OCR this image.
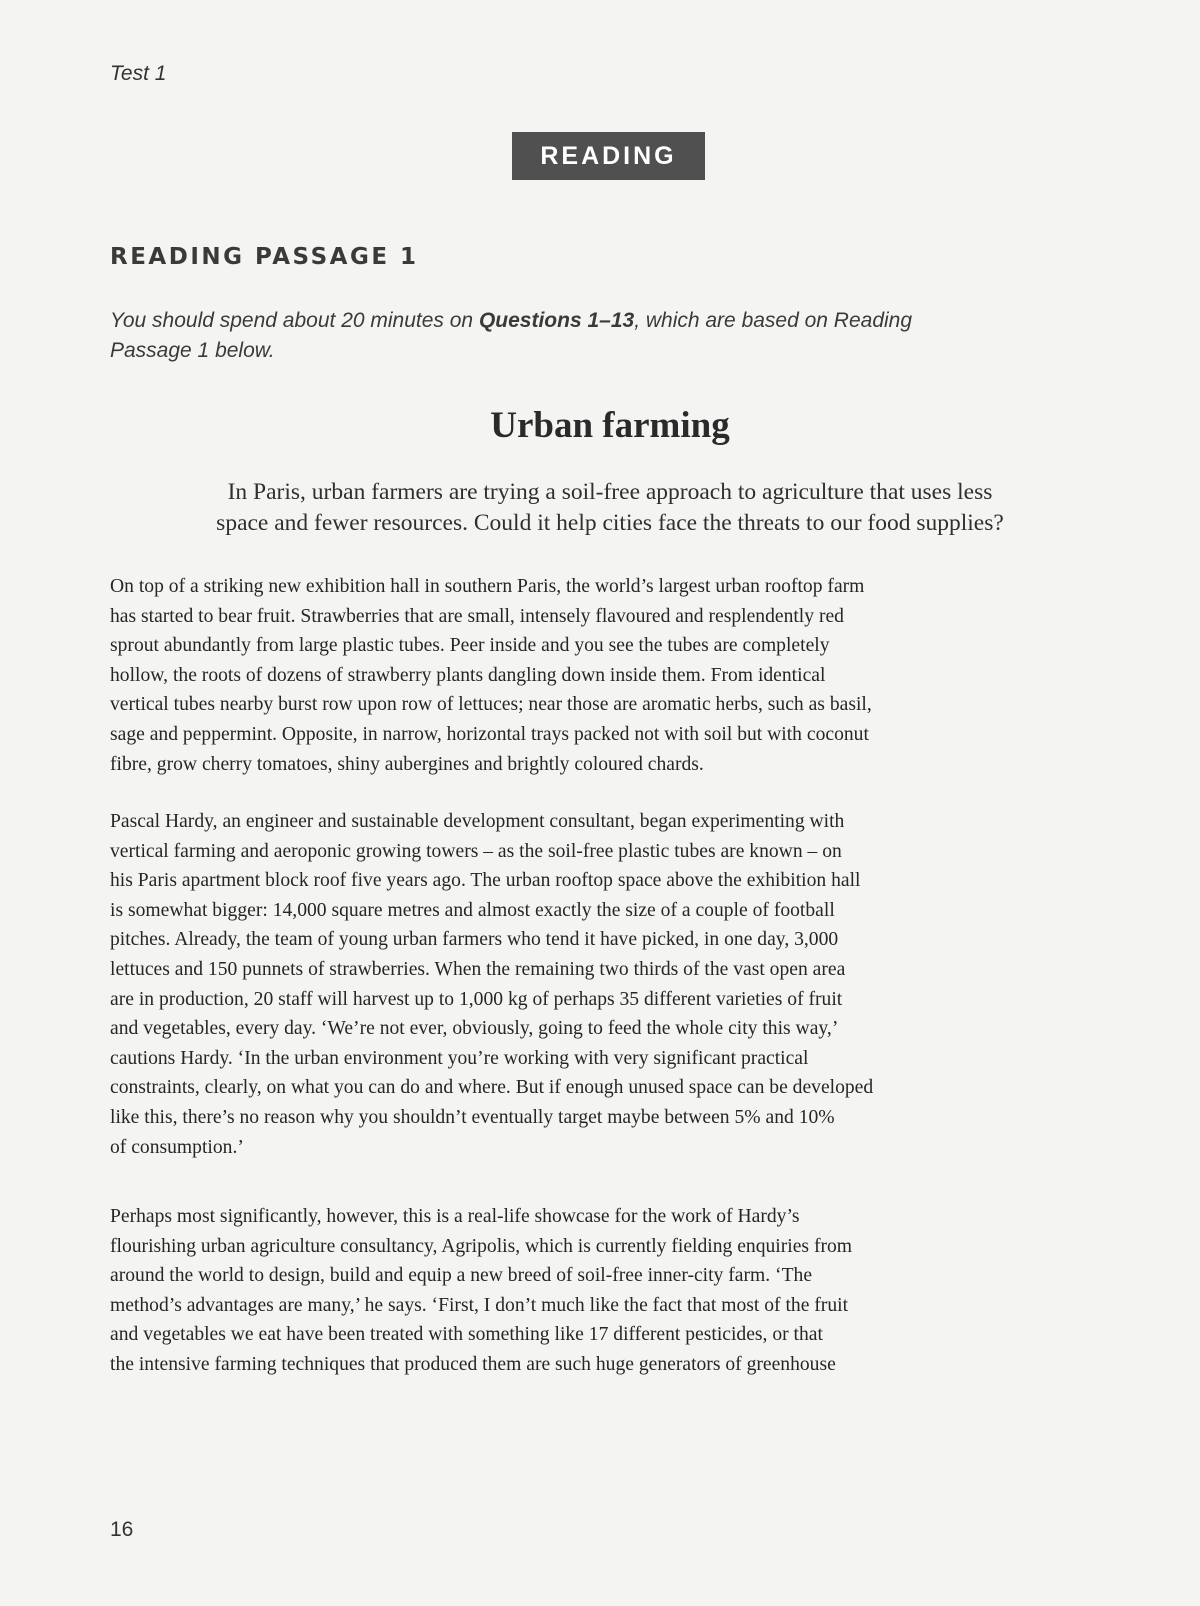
Test 1
READING
READING PASSAGE 1
You should spend about 20 minutes on Questions 1–13, which are based on Reading
Passage 1 below.
Urban farming
In Paris, urban farmers are trying a soil-free approach to agriculture that uses less
space and fewer resources. Could it help cities face the threats to our food supplies?
On top of a striking new exhibition hall in southern Paris, the world’s largest urban rooftop farm
has started to bear fruit. Strawberries that are small, intensely flavoured and resplendently red
sprout abundantly from large plastic tubes. Peer inside and you see the tubes are completely
hollow, the roots of dozens of strawberry plants dangling down inside them. From identical
vertical tubes nearby burst row upon row of lettuces; near those are aromatic herbs, such as basil,
sage and peppermint. Opposite, in narrow, horizontal trays packed not with soil but with coconut
fibre, grow cherry tomatoes, shiny aubergines and brightly coloured chards.
Pascal Hardy, an engineer and sustainable development consultant, began experimenting with
vertical farming and aeroponic growing towers – as the soil-free plastic tubes are known – on
his Paris apartment block roof five years ago. The urban rooftop space above the exhibition hall
is somewhat bigger: 14,000 square metres and almost exactly the size of a couple of football
pitches. Already, the team of young urban farmers who tend it have picked, in one day, 3,000
lettuces and 150 punnets of strawberries. When the remaining two thirds of the vast open area
are in production, 20 staff will harvest up to 1,000 kg of perhaps 35 different varieties of fruit
and vegetables, every day. ‘We’re not ever, obviously, going to feed the whole city this way,’
cautions Hardy. ‘In the urban environment you’re working with very significant practical
constraints, clearly, on what you can do and where. But if enough unused space can be developed
like this, there’s no reason why you shouldn’t eventually target maybe between 5% and 10%
of consumption.’
Perhaps most significantly, however, this is a real-life showcase for the work of Hardy’s
flourishing urban agriculture consultancy, Agripolis, which is currently fielding enquiries from
around the world to design, build and equip a new breed of soil-free inner-city farm. ‘The
method’s advantages are many,’ he says. ‘First, I don’t much like the fact that most of the fruit
and vegetables we eat have been treated with something like 17 different pesticides, or that
the intensive farming techniques that produced them are such huge generators of greenhouse
16
